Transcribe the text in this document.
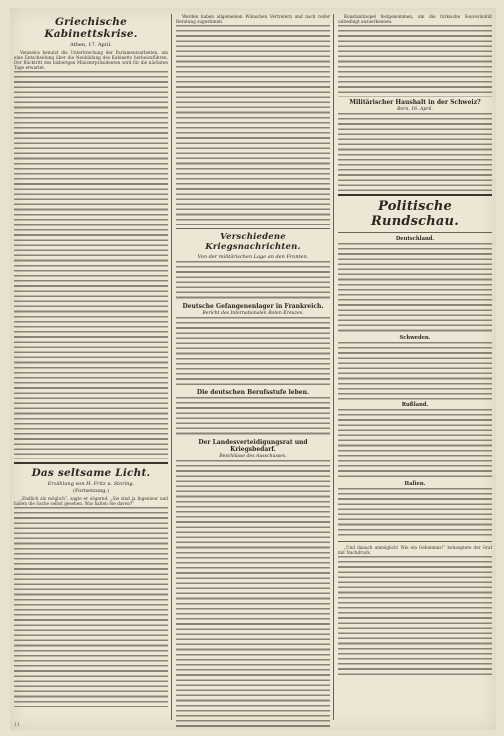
Griechische Kabinettskrise.
Athen, 17. April.
Venizelos benutzt die Unterbrechung der Parlamentsarbeiten, um eine Entscheidung über die Neubildung des Kabinetts herbeizuführen. Der Rücktritt des bisherigen Ministerpräsidenten wird für die nächsten Tage erwartet.
Das seltsame Licht.
Erzählung von H. Fritz u. Storing.
(Fortsetzung.)
„Endlich als möglich“, sagte er zögernd. „Sie sind ja Ingenieur und haben die Sache selbst gesehen. Was halten Sie davon?“
Werden haben allgemeinen Wünschen Vertretern und nach reifer Beratung zugestimmt.
Verschiedene Kriegsnachrichten.
Von der militärischen Lage an den Fronten.
Deutsche Gefangenenlager in Frankreich.
Bericht des Internationalen Roten Kreuzes.
Die deutschen Berufsstufe leben.
Der Landesverteidigungsrat und Kriegsbedarf.
Beschlüsse des Ausschusses.
Konstantinopel festgenommen, um die türkische Souveränität unbedingt anzuerkennen.
Militärischer Haushalt in der Schweiz?
Bern, 16. April.
Politische Rundschau.
Deutschland.
Schweden.
Rußland.
Italien.
„Und danach unmöglich! Wie ein Geheimnis!“ behauptete der Graf mit Nachdruck.
11
